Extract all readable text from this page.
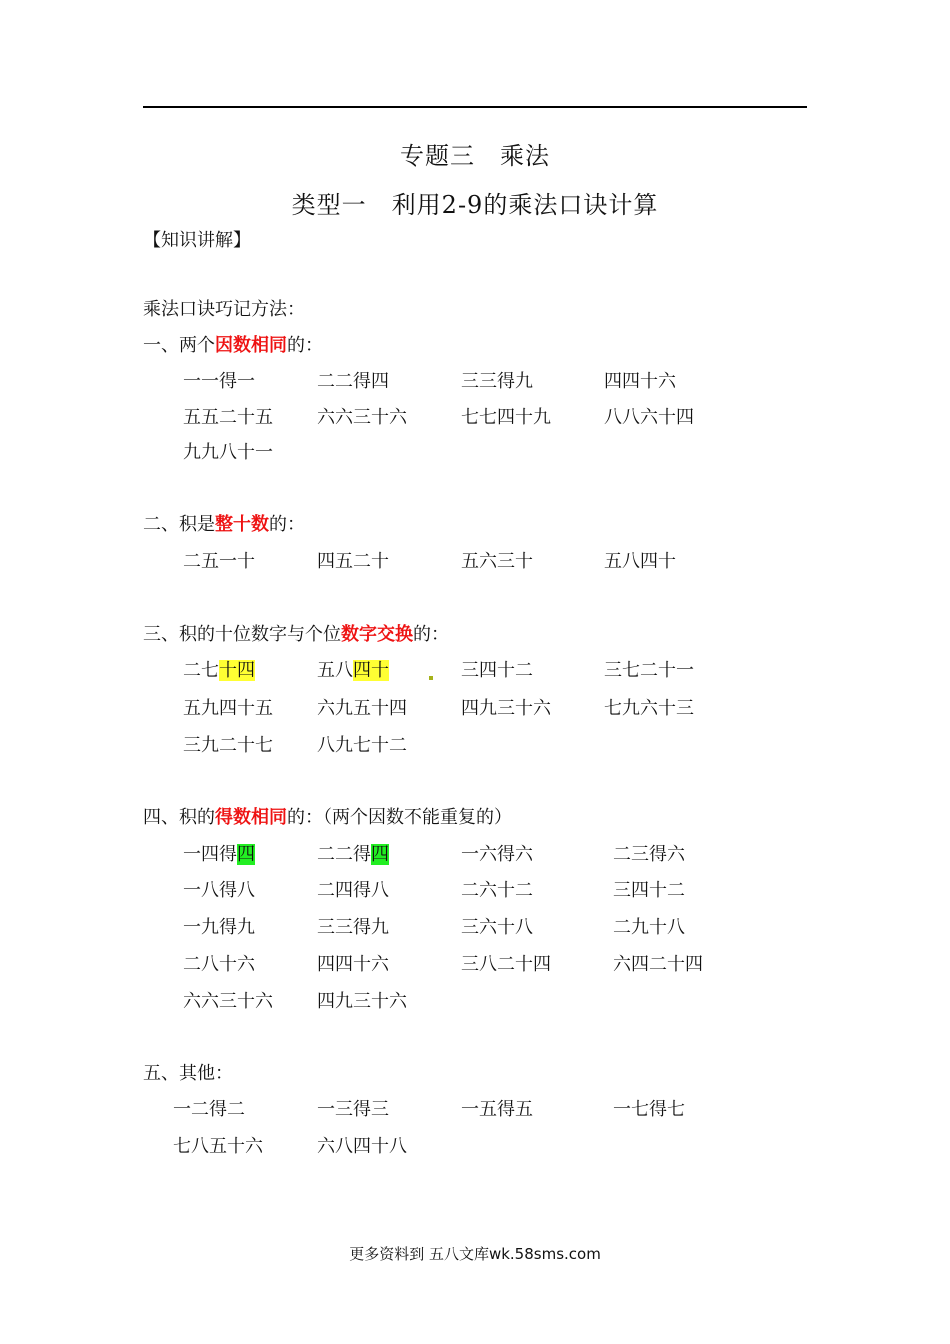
专题三　乘法
类型一　利用2-9的乘法口诀计算
【知识讲解】
乘法口诀巧记方法：
一、两个因数相同的：
一一得一	二二得四	三三得九	四四十六
五五二十五 六六三十六	七七四十九	八八六十四
九九八十一
二、积是整十数的：
二五一十	四五二十	五六三十	五八四十
三、积的十位数字与个位数字交换的：
二七十四	五八四十	三四十二	三七二十一
五九四十五 六九五十四	四九三十六	七九六十三
三九二十七 八九七十二
四、积的得数相同的：（两个因数不能重复的）
一四得四	二二得四	一六得六	二三得六
一八得八	二四得八	二六十二	三四十二
一九得九	三三得九	三六十八	二九十八
二八十六	四四十六	三八二十四	六四二十四
六六三十六 四九三十六
五、其他：
一二得二	一三得三	一五得五	一七得七
七八五十六	六八四十八
更多资料到 五八文库wk.58sms.com
